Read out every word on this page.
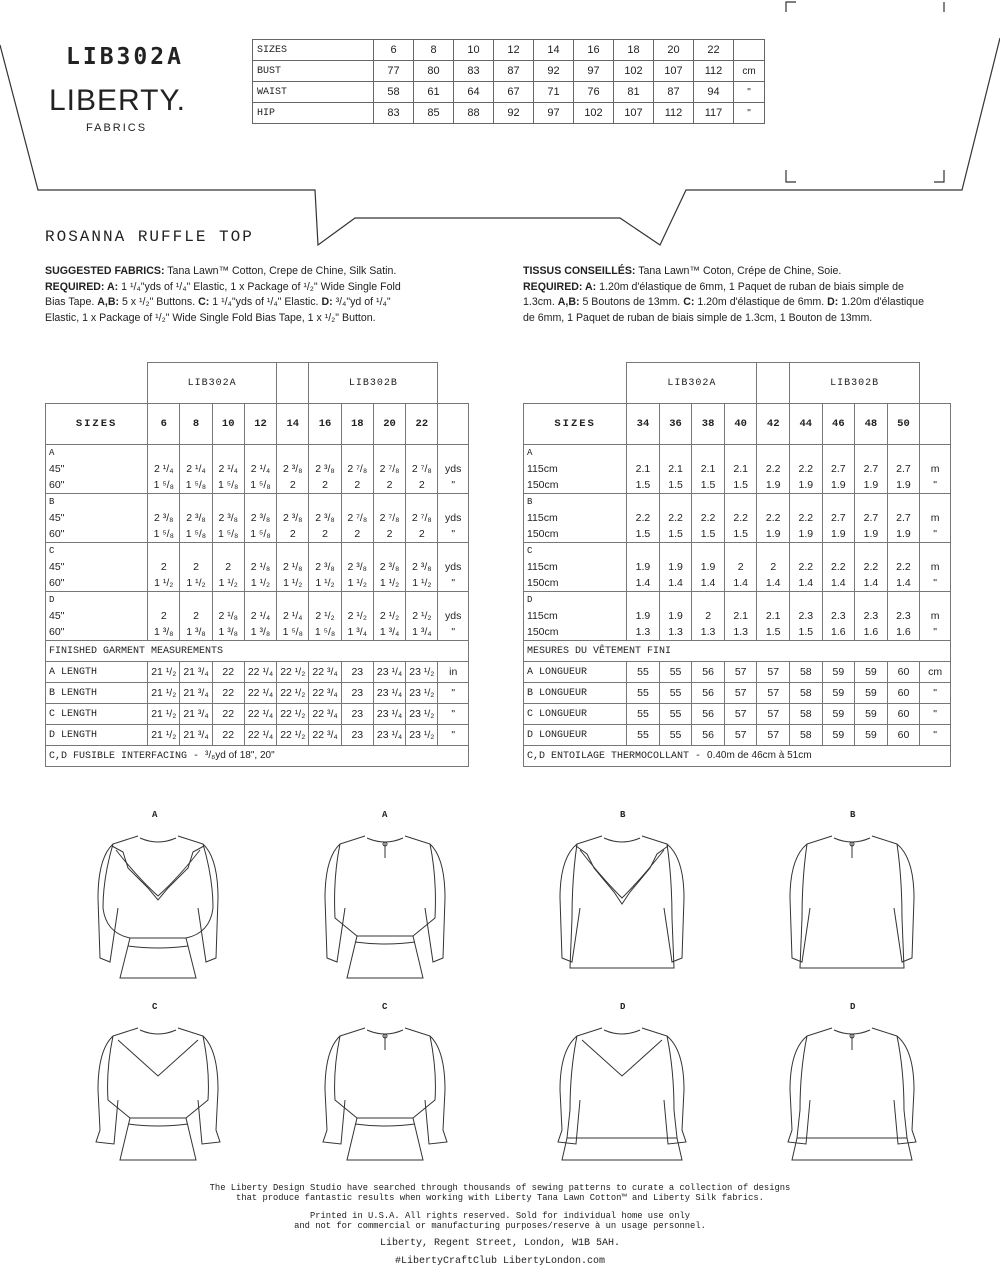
LIB302A
LIBERTY.
FABRICS
SIZES	6	8	10	12	14	16	18	20	22	
BUST	77	80	83	87	92	97	102	107	112	cm
WAIST	58	61	64	67	71	76	81	87	94	"
HIP	83	85	88	92	97	102	107	112	117	"
ROSANNA RUFFLE TOP
SUGGESTED FABRICS: Tana Lawn™ Cotton, Crepe de Chine, Silk Satin.
REQUIRED: A: 1 ¹/₄"yds of ¹/₄" Elastic, 1 x Package of ¹/₂" Wide Single Fold
Bias Tape. A,B: 5 x ¹/₂" Buttons. C: 1 ¹/₄"yds of ¹/₄" Elastic. D: ³/₄"yd of ¹/₄"
Elastic, 1 x Package of ¹/₂" Wide Single Fold Bias Tape, 1 x ¹/₂" Button.
TISSUS CONSEILLÉS: Tana Lawn™ Coton, Crépe de Chine, Soie.
REQUIRED: A: 1.20m d'élastique de 6mm, 1 Paquet de ruban de biais simple de
1.3cm. A,B: 5 Boutons de 13mm. C: 1.20m d'élastique de 6mm. D: 1.20m d'élastique
de 6mm, 1 Paquet de ruban de biais simple de 1.3cm, 1 Bouton de 13mm.
	LIB302A					LIB302B				
SIZES	6	8	10	12	14	16	18	20	22	
A										
45"	2 ¹/₄	2 ¹/₄	2 ¹/₄	2 ¹/₄	2 ³/₈	2 ³/₈	2 ⁷/₈	2 ⁷/₈	2 ⁷/₈	yds
60"	1 ⁵/₈	1 ⁵/₈	1 ⁵/₈	1 ⁵/₈	2	2	2	2	2	"
B										
45"	2 ³/₈	2 ³/₈	2 ³/₈	2 ³/₈	2 ³/₈	2 ³/₈	2 ⁷/₈	2 ⁷/₈	2 ⁷/₈	yds
60"	1 ⁵/₈	1 ⁵/₈	1 ⁵/₈	1 ⁵/₈	2	2	2	2	2	"
C										
45"	2	2	2	2 ¹/₈	2 ¹/₈	2 ³/₈	2 ³/₈	2 ³/₈	2 ³/₈	yds
60"	1 ¹/₂	1 ¹/₂	1 ¹/₂	1 ¹/₂	1 ¹/₂	1 ¹/₂	1 ¹/₂	1 ¹/₂	1 ¹/₂	"
D										
45"	2	2	2 ¹/₈	2 ¹/₄	2 ¹/₄	2 ¹/₂	2 ¹/₂	2 ¹/₂	2 ¹/₂	yds
60"	1 ³/₈	1 ³/₈	1 ³/₈	1 ³/₈	1 ⁵/₈	1 ⁵/₈	1 ³/₄	1 ³/₄	1 ³/₄	"
FINISHED GARMENT MEASUREMENTS										
A LENGTH	21 ¹/₂	21 ³/₄	22	22 ¹/₄	22 ¹/₂	22 ³/₄	23	23 ¹/₄	23 ¹/₂	in
B LENGTH	21 ¹/₂	21 ³/₄	22	22 ¹/₄	22 ¹/₂	22 ³/₄	23	23 ¹/₄	23 ¹/₂	"
C LENGTH	21 ¹/₂	21 ³/₄	22	22 ¹/₄	22 ¹/₂	22 ³/₄	23	23 ¹/₄	23 ¹/₂	"
D LENGTH	21 ¹/₂	21 ³/₄	22	22 ¹/₄	22 ¹/₂	22 ³/₄	23	23 ¹/₄	23 ¹/₂	"
C,D FUSIBLE INTERFACING - ³/₈yd of 18", 20"										
	LIB302A					LIB302B				
SIZES	34	36	38	40	42	44	46	48	50	
A										
115cm	2.1	2.1	2.1	2.1	2.2	2.2	2.7	2.7	2.7	m
150cm	1.5	1.5	1.5	1.5	1.9	1.9	1.9	1.9	1.9	"
B										
115cm	2.2	2.2	2.2	2.2	2.2	2.2	2.7	2.7	2.7	m
150cm	1.5	1.5	1.5	1.5	1.9	1.9	1.9	1.9	1.9	"
C										
115cm	1.9	1.9	1.9	2	2	2.2	2.2	2.2	2.2	m
150cm	1.4	1.4	1.4	1.4	1.4	1.4	1.4	1.4	1.4	"
D										
115cm	1.9	1.9	2	2.1	2.1	2.3	2.3	2.3	2.3	m
150cm	1.3	1.3	1.3	1.3	1.5	1.5	1.6	1.6	1.6	"
MESURES DU VÊTEMENT FINI										
A LONGUEUR	55	55	56	57	57	58	59	59	60	cm
B LONGUEUR	55	55	56	57	57	58	59	59	60	"
C LONGUEUR	55	55	56	57	57	58	59	59	60	"
D LONGUEUR	55	55	56	57	57	58	59	59	60	"
C,D ENTOILAGE THERMOCOLLANT - 0.40m de 46cm à 51cm										
A	A	B	B
C	C	D	D
The Liberty Design Studio have searched through thousands of sewing patterns to curate a collection of designs
that produce fantastic results when working with Liberty Tana Lawn Cotton™ and Liberty Silk fabrics.
Printed in U.S.A. All rights reserved. Sold for individual home use only
and not for commercial or manufacturing purposes/reserve à un usage personnel.
Liberty, Regent Street, London, W1B 5AH.
#LibertyCraftClub LibertyLondon.com
